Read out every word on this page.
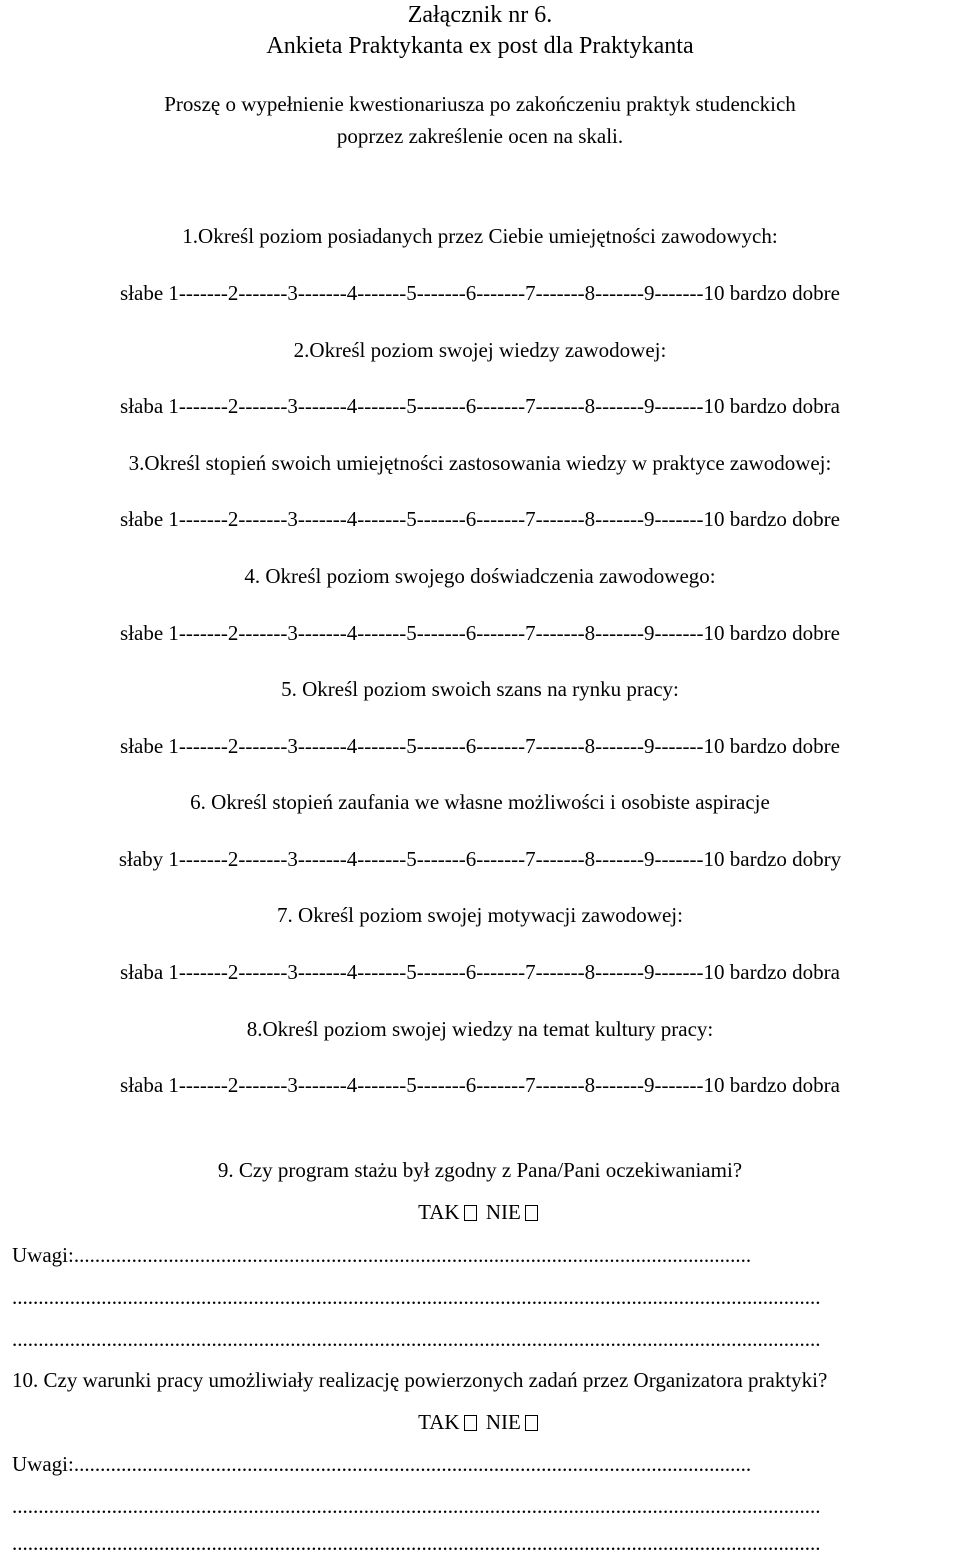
Załącznik nr 6.
Ankieta Praktykanta ex post dla Praktykanta
Proszę o wypełnienie kwestionariusza po zakończeniu praktyk studenckich
poprzez zakreślenie ocen na skali.
1.Określ poziom posiadanych przez Ciebie umiejętności zawodowych:
słabe 1-------2-------3-------4-------5-------6-------7-------8-------9-------10 bardzo dobre
2.Określ poziom swojej wiedzy zawodowej:
słaba 1-------2-------3-------4-------5-------6-------7-------8-------9-------10 bardzo dobra
3.Określ stopień swoich umiejętności zastosowania wiedzy w praktyce zawodowej:
słabe 1-------2-------3-------4-------5-------6-------7-------8-------9-------10 bardzo dobre
4. Określ poziom swojego doświadczenia zawodowego:
słabe 1-------2-------3-------4-------5-------6-------7-------8-------9-------10 bardzo dobre
5. Określ poziom swoich szans na rynku pracy:
słabe 1-------2-------3-------4-------5-------6-------7-------8-------9-------10 bardzo dobre
6. Określ stopień zaufania we własne możliwości i osobiste aspiracje
słaby 1-------2-------3-------4-------5-------6-------7-------8-------9-------10 bardzo dobry
7. Określ poziom swojej motywacji zawodowej:
słaba 1-------2-------3-------4-------5-------6-------7-------8-------9-------10 bardzo dobra
8.Określ poziom swojej wiedzy na temat kultury pracy:
słaba 1-------2-------3-------4-------5-------6-------7-------8-------9-------10 bardzo dobra
9. Czy program stażu był zgodny z Pana/Pani oczekiwaniami?
TAK NIE
Uwagi:.................................................................................................................................
..........................................................................................................................................................
..........................................................................................................................................................
10. Czy warunki pracy umożliwiały realizację powierzonych zadań przez Organizatora praktyki?
TAK NIE
Uwagi:.................................................................................................................................
..........................................................................................................................................................
..........................................................................................................................................................
